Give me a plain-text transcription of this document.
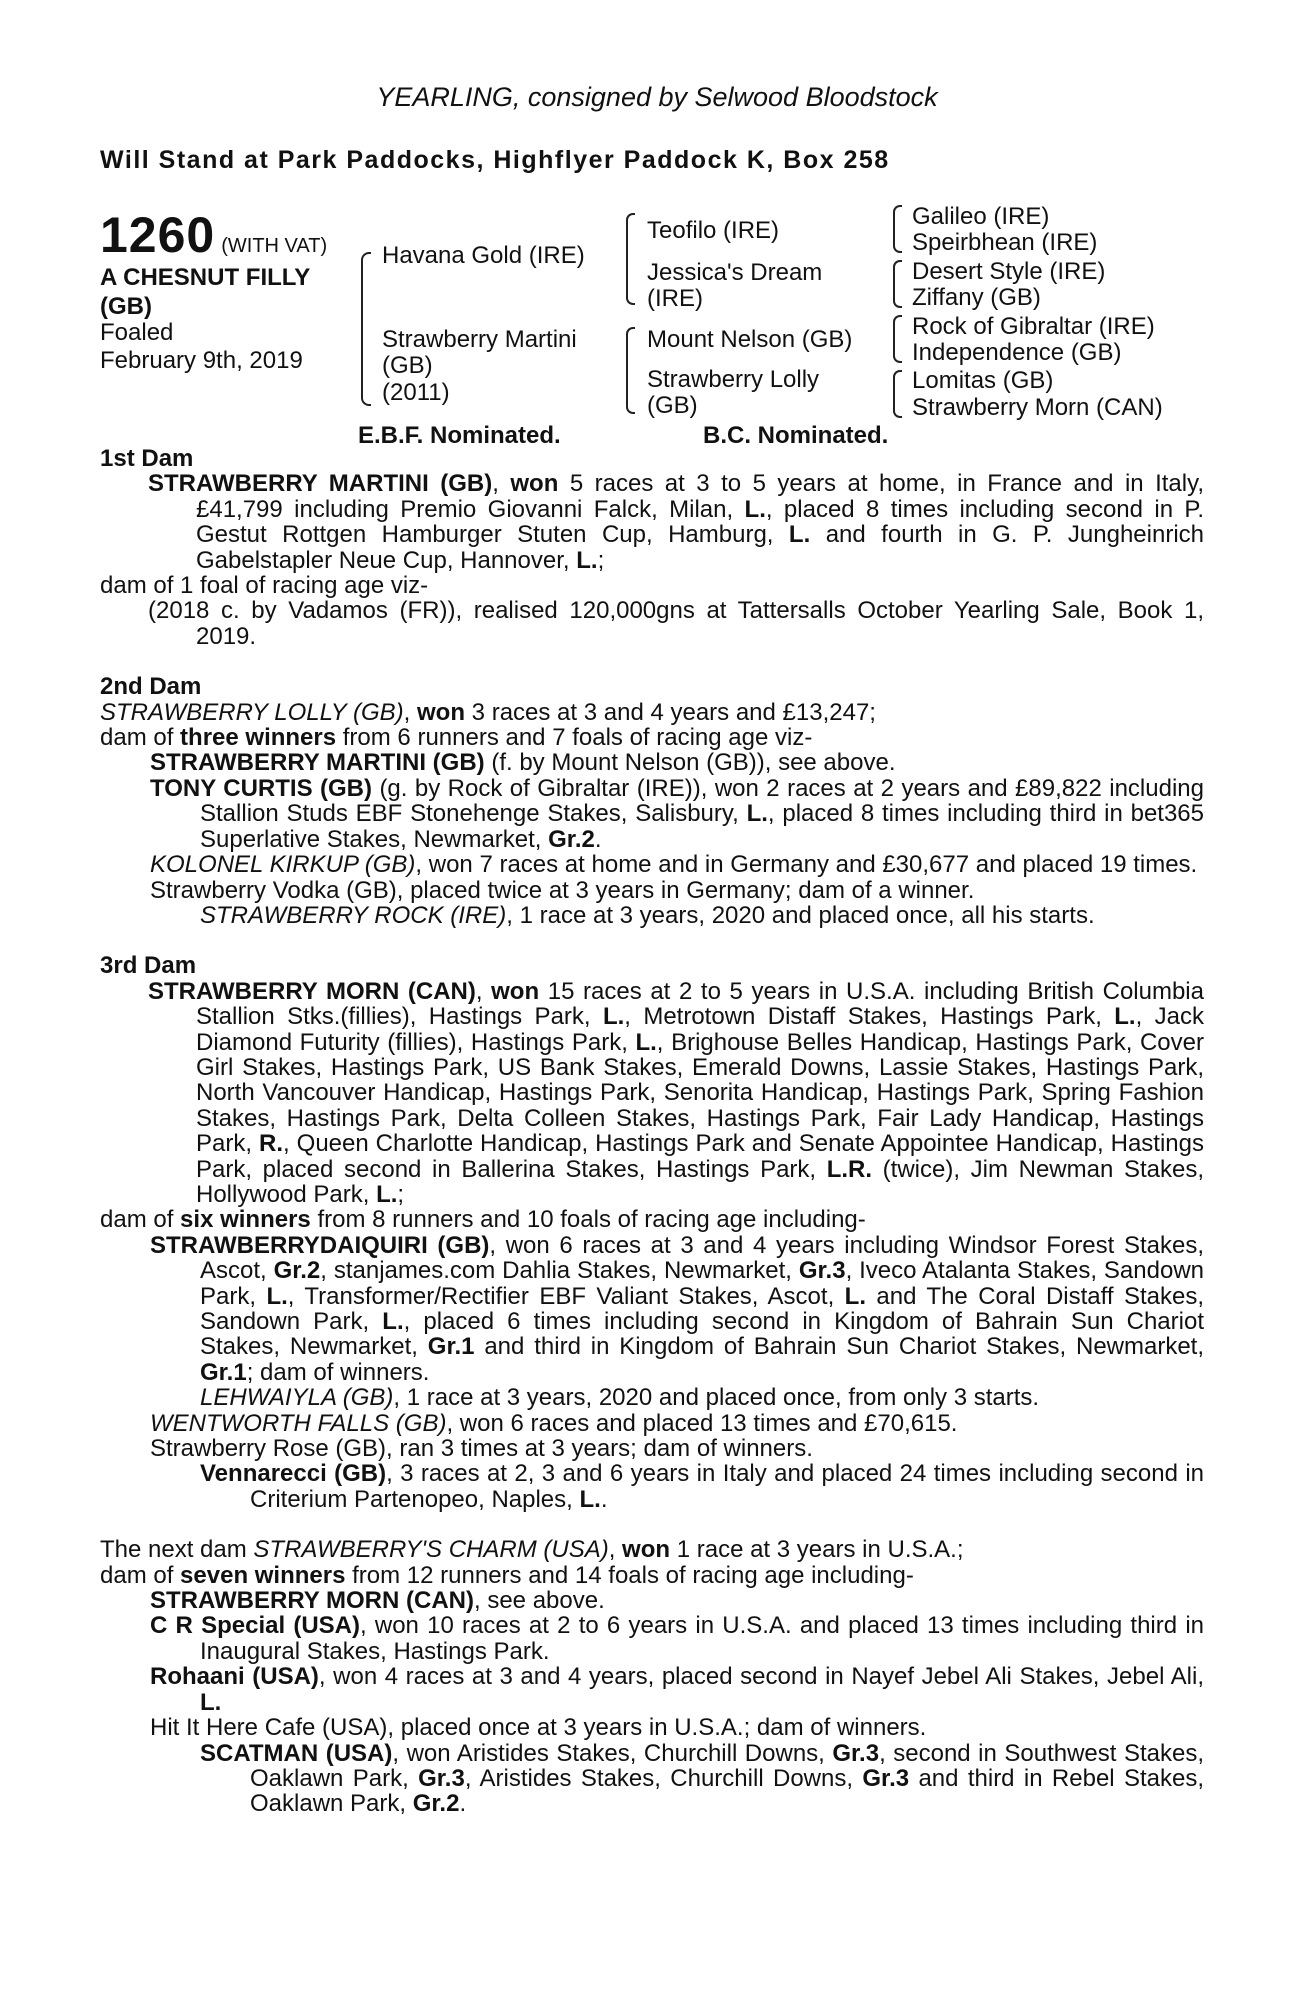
YEARLING, consigned by Selwood Bloodstock
Will Stand at Park Paddocks, Highflyer Paddock K, Box 258
1260 (WITH VAT)
A CHESNUT FILLY
(GB)
Foaled
February 9th, 2019
Havana Gold (IRE)
Strawberry Martini
(GB)
(2011)
Teofilo (IRE)
Jessica's Dream
(IRE)
Mount Nelson (GB)
Strawberry Lolly
(GB)
Galileo (IRE)
Speirbhean (IRE)
Desert Style (IRE)
Ziffany (GB)
Rock of Gibraltar (IRE)
Independence (GB)
Lomitas (GB)
Strawberry Morn (CAN)
E.B.F. Nominated.	B.C. Nominated.

1st Dam

STRAWBERRY MARTINI (GB), won 5 races at 3 to 5 years at home, in France and in Italy, £41,799 including Premio Giovanni Falck, Milan, L., placed 8 times including second in P. Gestut Rottgen Hamburger Stuten Cup, Hamburg, L. and fourth in G. P. Jungheinrich Gabelstapler Neue Cup, Hannover, L.;

dam of 1 foal of racing age viz-

(2018 c. by Vadamos (FR)), realised 120,000gns at Tattersalls October Yearling Sale, Book 1, 2019.

2nd Dam

STRAWBERRY LOLLY (GB), won 3 races at 3 and 4 years and £13,247;

dam of three winners from 6 runners and 7 foals of racing age viz-

STRAWBERRY MARTINI (GB) (f. by Mount Nelson (GB)), see above.

TONY CURTIS (GB) (g. by Rock of Gibraltar (IRE)), won 2 races at 2 years and £89,822 including Stallion Studs EBF Stonehenge Stakes, Salisbury, L., placed 8 times including third in bet365 Superlative Stakes, Newmarket, Gr.2.

KOLONEL KIRKUP (GB), won 7 races at home and in Germany and £30,677 and placed 19 times.

Strawberry Vodka (GB), placed twice at 3 years in Germany; dam of a winner.

STRAWBERRY ROCK (IRE), 1 race at 3 years, 2020 and placed once, all his starts.

3rd Dam

STRAWBERRY MORN (CAN), won 15 races at 2 to 5 years in U.S.A. including British Columbia Stallion Stks.(fillies), Hastings Park, L., Metrotown Distaff Stakes, Hastings Park, L., Jack Diamond Futurity (fillies), Hastings Park, L., Brighouse Belles Handicap, Hastings Park, Cover Girl Stakes, Hastings Park, US Bank Stakes, Emerald Downs, Lassie Stakes, Hastings Park, North Vancouver Handicap, Hastings Park, Senorita Handicap, Hastings Park, Spring Fashion Stakes, Hastings Park, Delta Colleen Stakes, Hastings Park, Fair Lady Handicap, Hastings Park, R., Queen Charlotte Handicap, Hastings Park and Senate Appointee Handicap, Hastings Park, placed second in Ballerina Stakes, Hastings Park, L.R. (twice), Jim Newman Stakes, Hollywood Park, L.;

dam of six winners from 8 runners and 10 foals of racing age including-

STRAWBERRYDAIQUIRI (GB), won 6 races at 3 and 4 years including Windsor Forest Stakes, Ascot, Gr.2, stanjames.com Dahlia Stakes, Newmarket, Gr.3, Iveco Atalanta Stakes, Sandown Park, L., Transformer/Rectifier EBF Valiant Stakes, Ascot, L. and The Coral Distaff Stakes, Sandown Park, L., placed 6 times including second in Kingdom of Bahrain Sun Chariot Stakes, Newmarket, Gr.1 and third in Kingdom of Bahrain Sun Chariot Stakes, Newmarket, Gr.1; dam of winners.

LEHWAIYLA (GB), 1 race at 3 years, 2020 and placed once, from only 3 starts.

WENTWORTH FALLS (GB), won 6 races and placed 13 times and £70,615.

Strawberry Rose (GB), ran 3 times at 3 years; dam of winners.

Vennarecci (GB), 3 races at 2, 3 and 6 years in Italy and placed 24 times including second in Criterium Partenopeo, Naples, L..

The next dam STRAWBERRY'S CHARM (USA), won 1 race at 3 years in U.S.A.;

dam of seven winners from 12 runners and 14 foals of racing age including-

STRAWBERRY MORN (CAN), see above.

C R Special (USA), won 10 races at 2 to 6 years in U.S.A. and placed 13 times including third in Inaugural Stakes, Hastings Park.

Rohaani (USA), won 4 races at 3 and 4 years, placed second in Nayef Jebel Ali Stakes, Jebel Ali, L.

Hit It Here Cafe (USA), placed once at 3 years in U.S.A.; dam of winners.

SCATMAN (USA), won Aristides Stakes, Churchill Downs, Gr.3, second in Southwest Stakes, Oaklawn Park, Gr.3, Aristides Stakes, Churchill Downs, Gr.3 and third in Rebel Stakes, Oaklawn Park, Gr.2.
